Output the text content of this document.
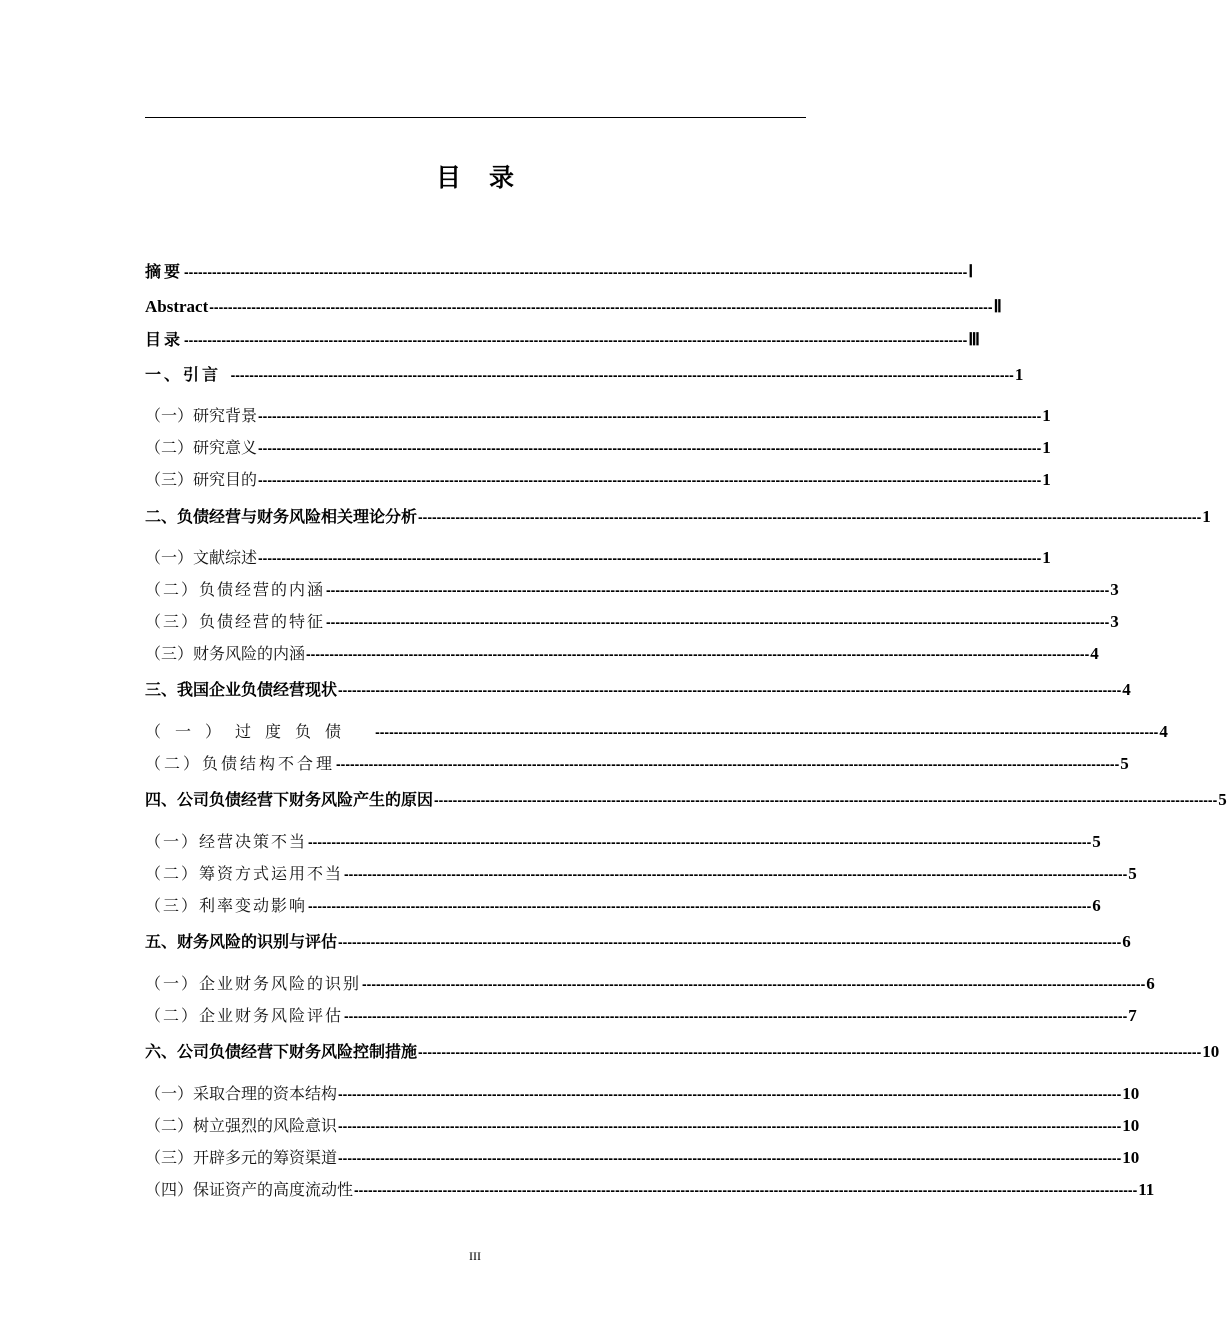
目 录
摘要 ------------------------------------------------------------------------------------------------------------------------------------------------------------------------ Ⅰ
Abstract ------------------------------------------------------------------------------------------------------------------------------------------------------------------------ Ⅱ
目录 ------------------------------------------------------------------------------------------------------------------------------------------------------------------------ Ⅲ
一、引言 ------------------------------------------------------------------------------------------------------------------------------------------------------------------------ 1
（一）研究背景 ------------------------------------------------------------------------------------------------------------------------------------------------------------------------ 1
（二）研究意义 ------------------------------------------------------------------------------------------------------------------------------------------------------------------------ 1
（三）研究目的 ------------------------------------------------------------------------------------------------------------------------------------------------------------------------ 1
二、负债经营与财务风险相关理论分析 ------------------------------------------------------------------------------------------------------------------------------------------------------------------------ 1
（一）文献综述 ------------------------------------------------------------------------------------------------------------------------------------------------------------------------ 1
（二）负债经营的内涵 ------------------------------------------------------------------------------------------------------------------------------------------------------------------------ 3
（三）负债经营的特征 ------------------------------------------------------------------------------------------------------------------------------------------------------------------------ 3
（三）财务风险的内涵 ------------------------------------------------------------------------------------------------------------------------------------------------------------------------ 4
三、我国企业负债经营现状 ------------------------------------------------------------------------------------------------------------------------------------------------------------------------ 4
（一）过度负债 ------------------------------------------------------------------------------------------------------------------------------------------------------------------------ 4
（二）负债结构不合理 ------------------------------------------------------------------------------------------------------------------------------------------------------------------------ 5
四、公司负债经营下财务风险产生的原因 ------------------------------------------------------------------------------------------------------------------------------------------------------------------------ 5
（一）经营决策不当 ------------------------------------------------------------------------------------------------------------------------------------------------------------------------ 5
（二）筹资方式运用不当 ------------------------------------------------------------------------------------------------------------------------------------------------------------------------ 5
（三）利率变动影响 ------------------------------------------------------------------------------------------------------------------------------------------------------------------------ 6
五、财务风险的识别与评估 ------------------------------------------------------------------------------------------------------------------------------------------------------------------------ 6
（一）企业财务风险的识别 ------------------------------------------------------------------------------------------------------------------------------------------------------------------------ 6
（二）企业财务风险评估 ------------------------------------------------------------------------------------------------------------------------------------------------------------------------ 7
六、公司负债经营下财务风险控制措施 ------------------------------------------------------------------------------------------------------------------------------------------------------------------------ 10
（一）采取合理的资本结构 ------------------------------------------------------------------------------------------------------------------------------------------------------------------------ 10
（二）树立强烈的风险意识 ------------------------------------------------------------------------------------------------------------------------------------------------------------------------ 10
（三）开辟多元的筹资渠道 ------------------------------------------------------------------------------------------------------------------------------------------------------------------------ 10
（四）保证资产的高度流动性 ------------------------------------------------------------------------------------------------------------------------------------------------------------------------ 11
III
